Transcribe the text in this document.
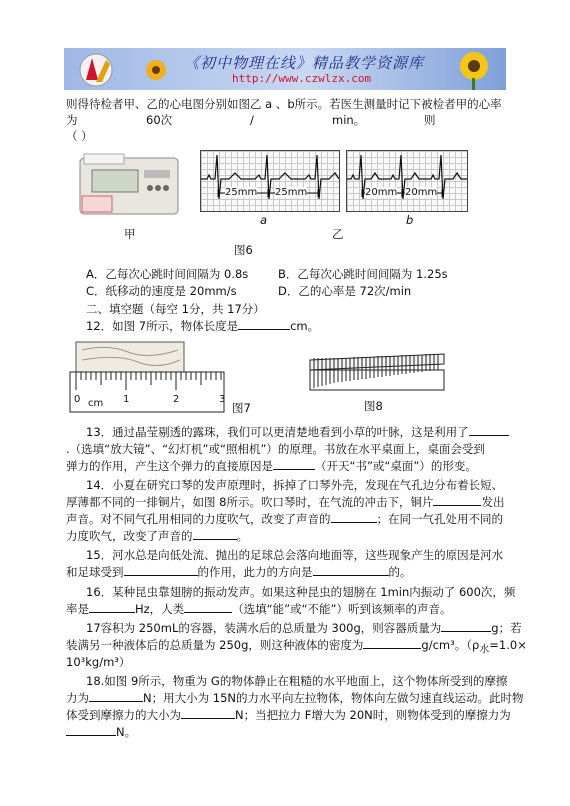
《初中物理在线》精品教学资源库
http://www.czwlzx.com
则得待检者甲、乙的心电图分别如图乙 a 、b所示。若医生测量时记下被检者甲的心率
为	60次	/	min。	则
（ ）
甲
25mm 25mm
a
20mm 20mm
b
乙
图6
A．乙每次心跳时间间隔为 0.8s	B．乙每次心跳时间间隔为 1.25s
C．纸移动的速度是 20mm/s	D．乙的心率是 72次/min
二、填空题（每空 1分，共 17分）
12．如图 7所示，物体长度是	cm。
0 cm 1	2	3
图7	图8
13．通过晶莹剔透的露珠，我们可以更清楚地看到小草的叶脉，这是利用了
.（选填“放大镜”、“幻灯机”或“照相机”）的原理。书放在水平桌面上，桌面会受到
弹力的作用，产生这个弹力的直接原因是	（开天“书”或“桌面”）的形变。
14．小夏在研究口琴的发声原理时，拆掉了口琴外壳，发现在气孔边分布着长短、
厚薄都不同的一排铜片，如图 8所示。吹口琴时，在气流的冲击下，铜片	发出
声音。对不同气孔用相同的力度吹气，改变了声音的	；在同一气孔处用不同的
力度吹气，改变了声音的	。
15．河水总是向低处流、抛出的足球总会落向地面等，这些现象产生的原因是河水
和足球受到	的作用，此力的方向是	的。
16．某种昆虫靠翅膀的振动发声。如果这种昆虫的翅膀在 1min内振动了 600次，频
率是	Hz，人类	（选填“能”或“不能”）听到该频率的声音。
17容积为 250mL的容器，装满水后的总质量为 300g，则容器质量为	g；若
装满另一种液体后的总质量为 250g，则这种液体的密度为	g/cm³。（$\rho_水=1.0\times$
10³kg/m³）
18.如图 9所示，物重为 G的物体静止在粗糙的水平地面上，这个物体所受到的摩擦
力为	N；用大小为 15N的力水平向左拉物体，物体向左做匀速直线运动。此时物
体受到摩擦力的大小为	N；当把拉力 F增大为 20N时，则物体受到的摩擦力为
N。
